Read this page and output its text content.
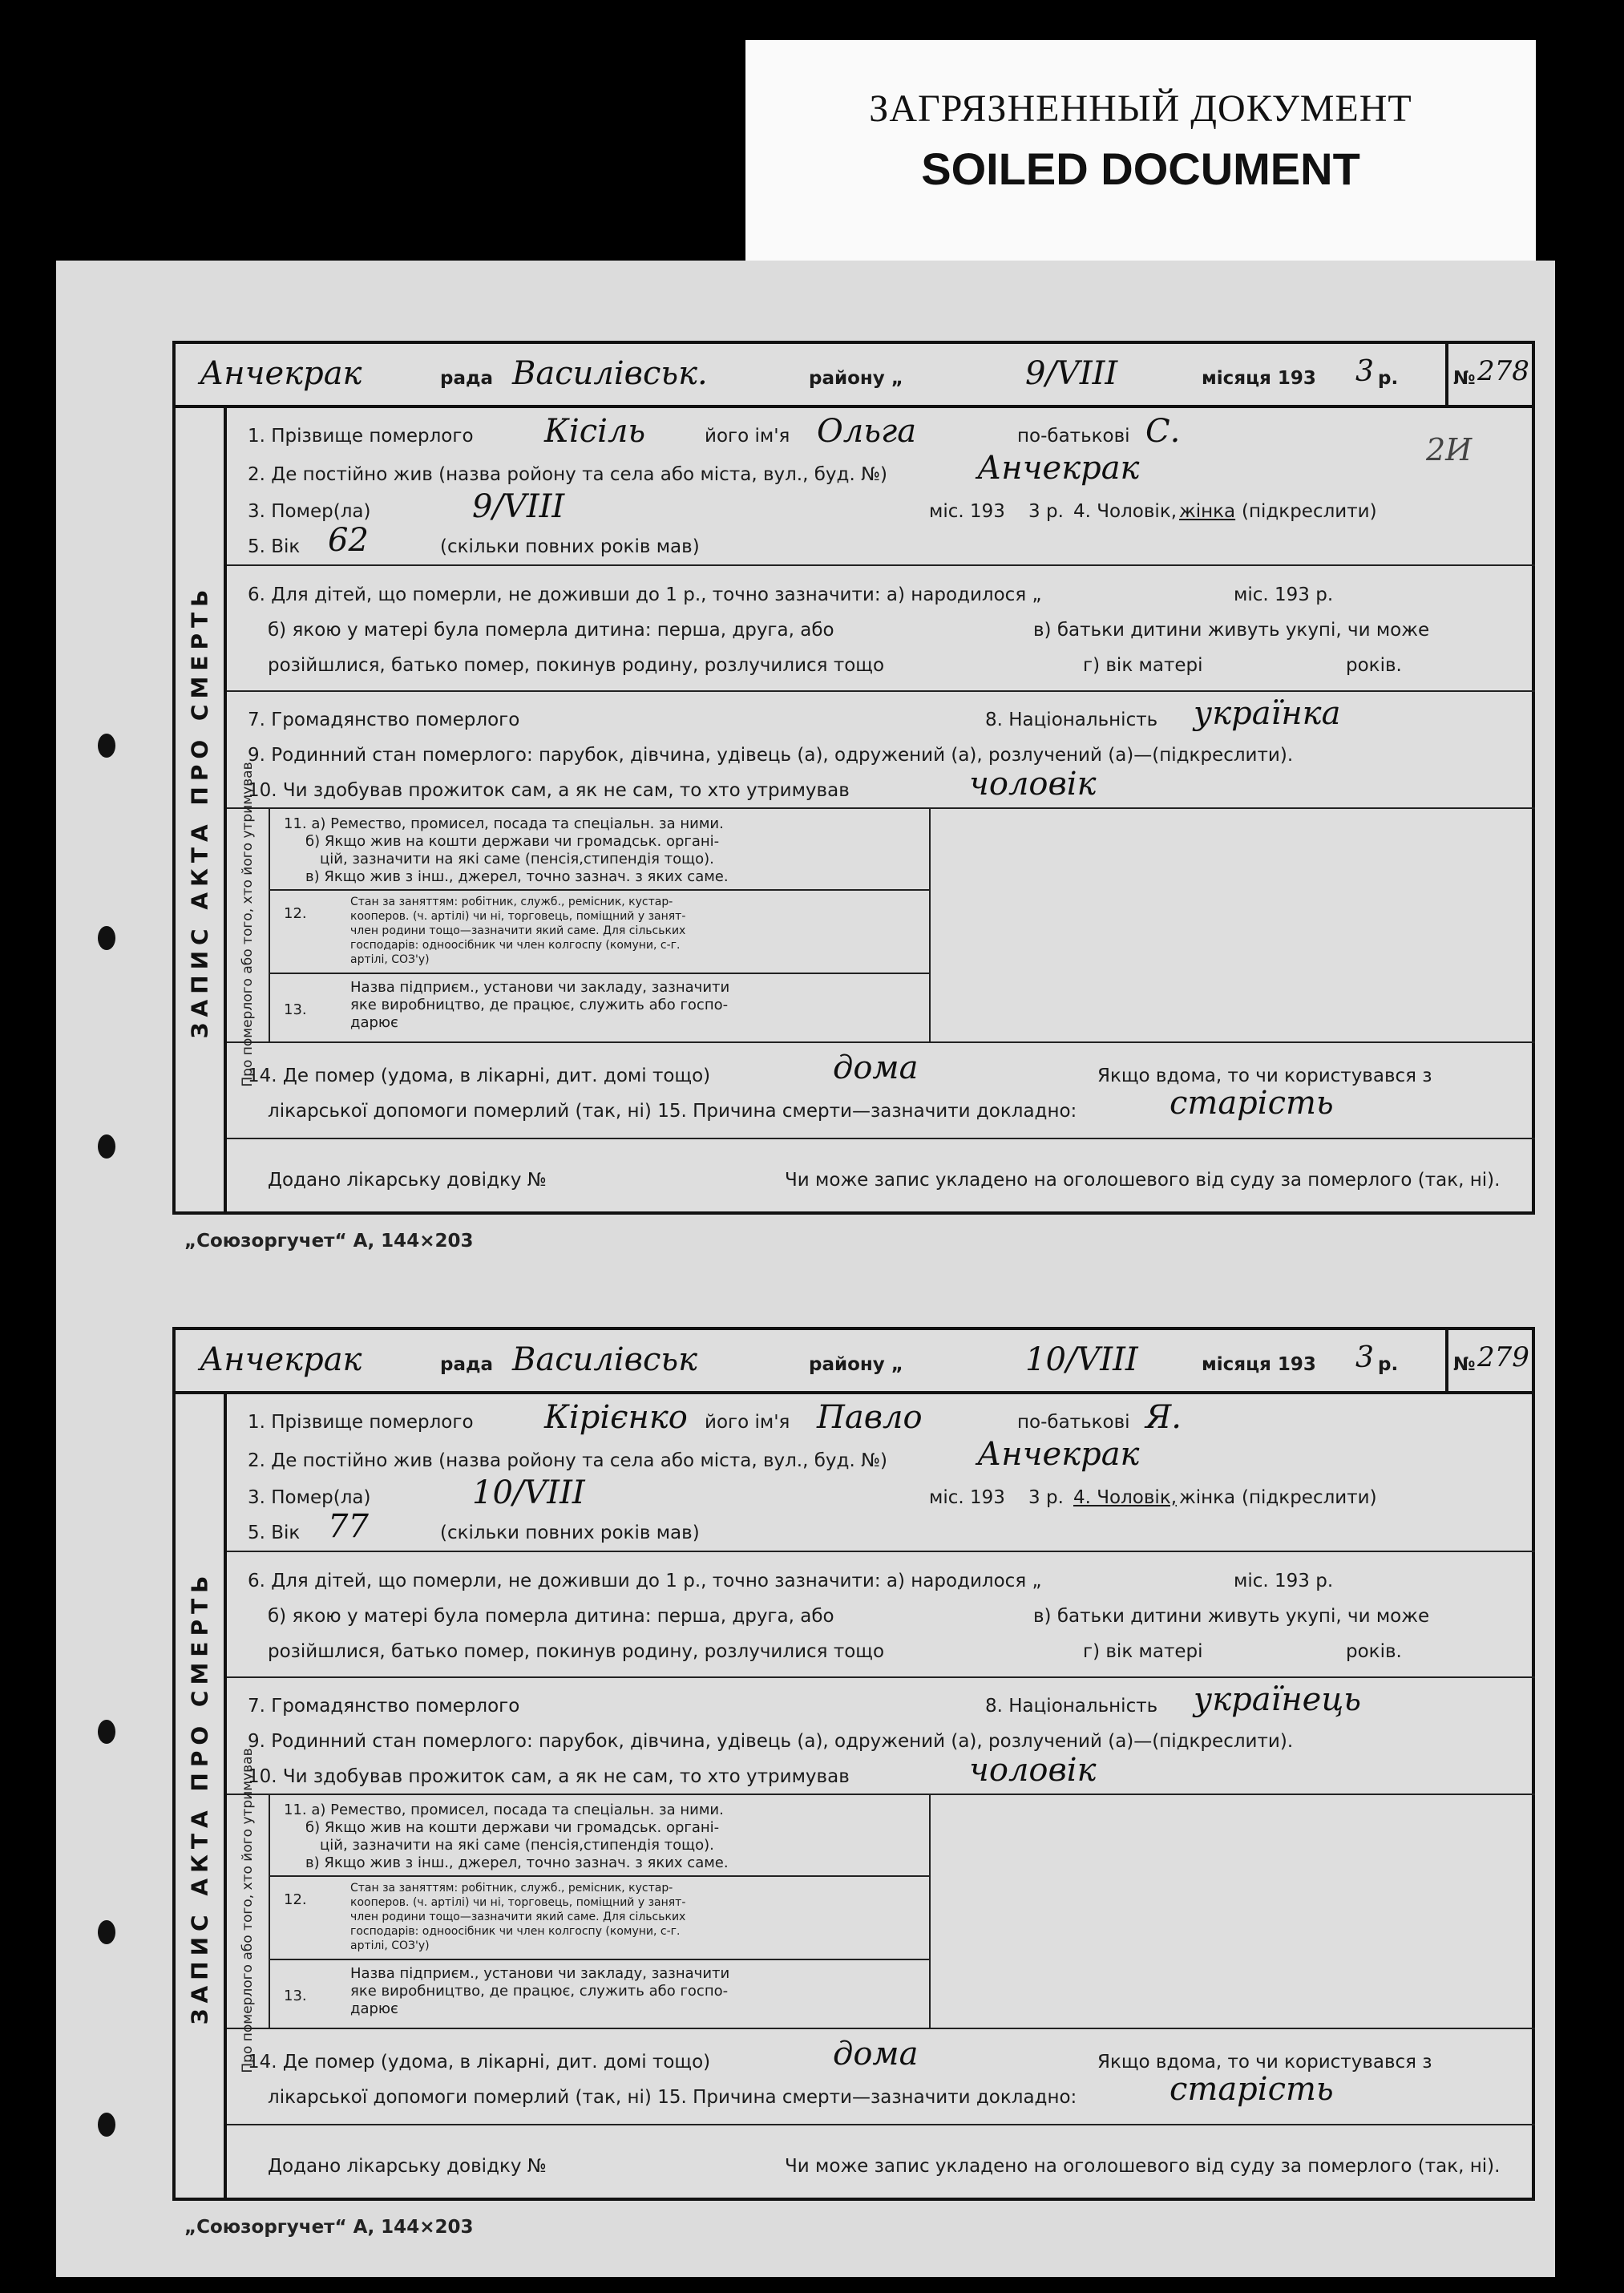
ЗАГРЯЗНЕННЫЙ ДОКУМЕНТ
SOILED DOCUMENT
Анчекрак	рада Василівськ.	району „	9/VIII	місяця 193 3 р.	№ 278
ЗАПИС АКТА ПРО СМЕРТЬ
1. Прізвище померлого Кісіль	його ім'я Ольга	по-батькові С.	2И
2. Де постійно жив (назва ройону та села або міста, вул., буд. №)	Анчекрак
3. Помер(ла)	9/VIII	міс. 193 3 р. 4. Чоловік, жінка (підкреслити)
5. Вік 62	(скільки повних років мав)
6. Для дітей, що померли, не доживши до 1 р., точно зазначити: а) народилося „	міс. 193 р.
б) якою у матері була померла дитина: перша, друга, або	в) батьки дитини живуть укупі, чи може
розійшлися, батько помер, покинув родину, розлучилися тощо	г) вік матері	років.
7. Громадянство померлого	8. Національність українка
9. Родинний стан померлого: парубок, дівчина, удівець (а), одружений (а), розлучений (а)—(підкреслити).
10. Чи здобував прожиток сам, а як не сам, то хто утримував	чоловік
Про померлого або того, хто його утримував 11. а) Ремество, промисел, посада та спеціальн. за ними.
б) Якщо жив на кошти держави чи громадськ. органі-
цій, зазначити на які саме (пенсія,стипендія тощо).
в) Якщо жив з інш., джерел, точно зазнач. з яких саме.
12.
Стан за заняттям: робітник, служб., ремісник, кустар-
кооперов. (ч. артілі) чи ні, торговець, поміщний у занят-
член родини тощо—зазначити який саме. Для сільських
господарів: одноосібник чи член колгоспу (комуни, с-г.
артілі, СОЗ'у)
13.
Назва підприєм., установи чи закладу, зазначити
яке виробництво, де працює, служить або госпо-
дарює
14. Де помер (удома, в лікарні, дит. домі тощо)	дома	Якщо вдома, то чи користувався з
лікарської допомоги померлий (так, ні) 15. Причина смерти—зазначити докладно:	старість
Додано лікарську довідку №	Чи може запис укладено на оголошевого від суду за померлого (так, ні).
„Союзоргучет“ А, 144×203
Анчекрак	рада Василівськ	району „	10/VIII	місяця 193 3 р.	№ 279
ЗАПИС АКТА ПРО СМЕРТЬ
1. Прізвище померлого Кірієнко його ім'я Павло	по-батькові Я.
2. Де постійно жив (назва ройону та села або міста, вул., буд. №)	Анчекрак
3. Помер(ла)	10/VIII	міс. 193 3 р. 4. Чоловік, жінка (підкреслити)
5. Вік 77	(скільки повних років мав)
6. Для дітей, що померли, не доживши до 1 р., точно зазначити: а) народилося „	міс. 193 р.
б) якою у матері була померла дитина: перша, друга, або	в) батьки дитини живуть укупі, чи може
розійшлися, батько помер, покинув родину, розлучилися тощо	г) вік матері	років.
7. Громадянство померлого	8. Національність українець
9. Родинний стан померлого: парубок, дівчина, удівець (а), одружений (а), розлучений (а)—(підкреслити).
10. Чи здобував прожиток сам, а як не сам, то хто утримував	чоловік
Про померлого або того, хто його утримував 11. а) Ремество, промисел, посада та спеціальн. за ними.
б) Якщо жив на кошти держави чи громадськ. органі-
цій, зазначити на які саме (пенсія,стипендія тощо).
в) Якщо жив з інш., джерел, точно зазнач. з яких саме.
12.
Стан за заняттям: робітник, служб., ремісник, кустар-
кооперов. (ч. артілі) чи ні, торговець, поміщний у занят-
член родини тощо—зазначити який саме. Для сільських
господарів: одноосібник чи член колгоспу (комуни, с-г.
артілі, СОЗ'у)
13.
Назва підприєм., установи чи закладу, зазначити
яке виробництво, де працює, служить або госпо-
дарює
14. Де помер (удома, в лікарні, дит. домі тощо)	дома	Якщо вдома, то чи користувався з
лікарської допомоги померлий (так, ні) 15. Причина смерти—зазначити докладно:	старість
Додано лікарську довідку №	Чи може запис укладено на оголошевого від суду за померлого (так, ні).
„Союзоргучет“ А, 144×203
